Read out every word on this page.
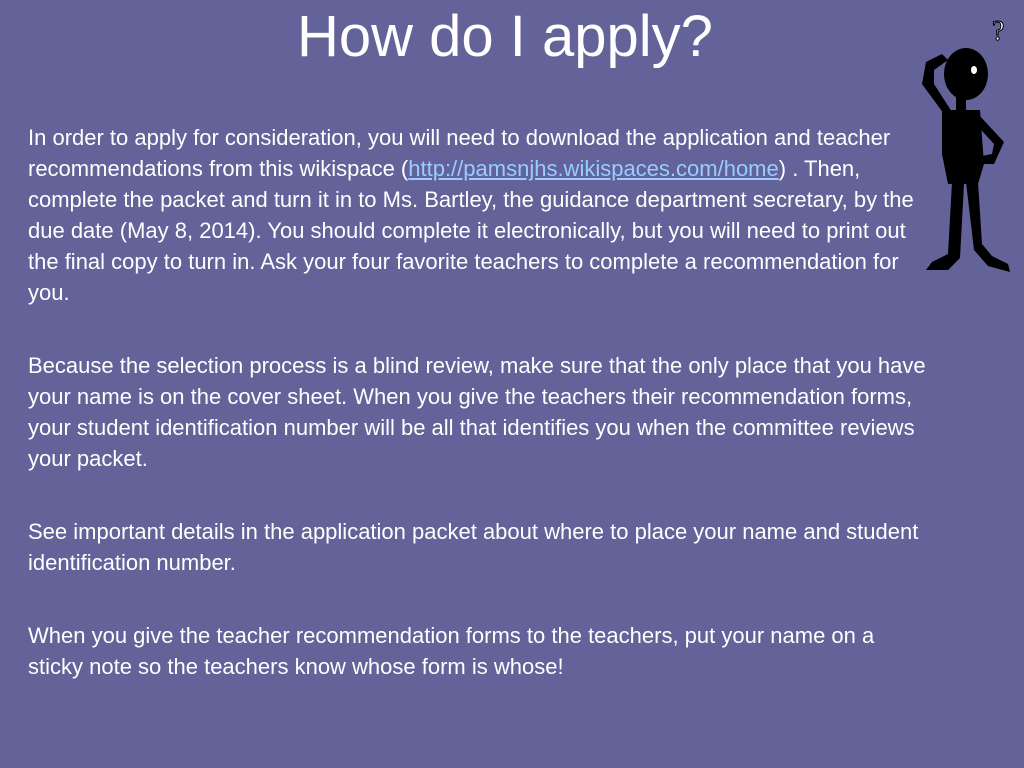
How do I apply?

In order to apply for consideration, you will need to download the application and teacher recommendations from this wikispace (http://pamsnjhs.wikispaces.com/home) . Then, complete the packet and turn it in to Ms. Bartley, the guidance department secretary, by the due date (May 8, 2014). You should complete it electronically, but you will need to print out the final copy to turn in. Ask your four favorite teachers to complete a recommendation for you.

Because the selection process is a blind review, make sure that the only place that you have your name is on the cover sheet. When you give the teachers their recommendation forms, your student identification number will be all that identifies you when the committee reviews your packet.

See important details in the application packet about where to place your name and student identification number.

When you give the teacher recommendation forms to the teachers, put your name on a sticky note so the teachers know whose form is whose!

?
